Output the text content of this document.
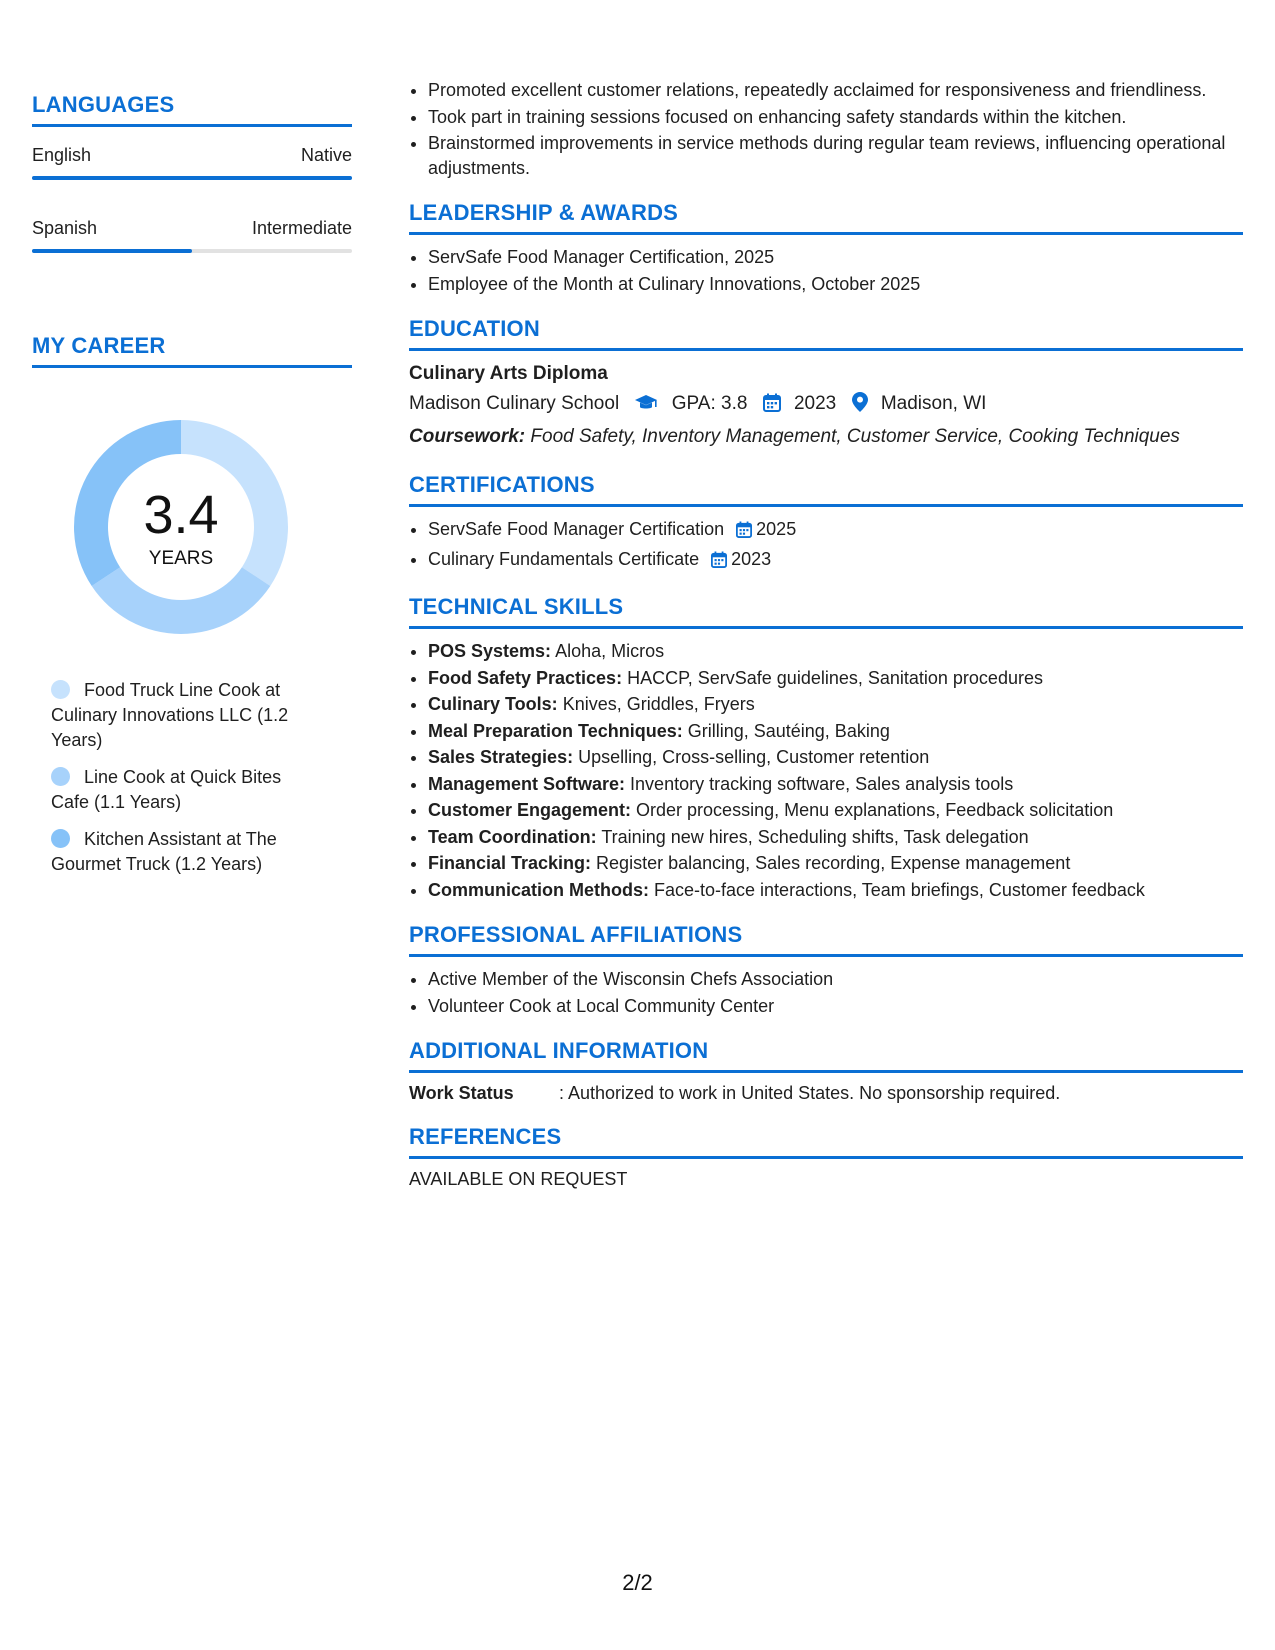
LANGUAGES
English	Native
Spanish	Intermediate
MY CAREER
3.4
YEARS
Food Truck Line Cook at Culinary Innovations LLC (1.2 Years)
Line Cook at Quick Bites Cafe (1.1 Years)
Kitchen Assistant at The Gourmet Truck (1.2 Years)
• Promoted excellent customer relations, repeatedly acclaimed for responsiveness and friendliness.
• Took part in training sessions focused on enhancing safety standards within the kitchen.
• Brainstormed improvements in service methods during regular team reviews, influencing operational adjustments.
LEADERSHIP & AWARDS
• ServSafe Food Manager Certification, 2025
• Employee of the Month at Culinary Innovations, October 2025
EDUCATION
Culinary Arts Diploma
Madison Culinary School	GPA: 3.8 2023 Madison, WI
Coursework: Food Safety, Inventory Management, Customer Service, Cooking Techniques
CERTIFICATIONS
• ServSafe Food Manager Certification 2025
• Culinary Fundamentals Certificate 2023
TECHNICAL SKILLS
• POS Systems: Aloha, Micros
• Food Safety Practices: HACCP, ServSafe guidelines, Sanitation procedures
• Culinary Tools: Knives, Griddles, Fryers
• Meal Preparation Techniques: Grilling, Sautéing, Baking
• Sales Strategies: Upselling, Cross-selling, Customer retention
• Management Software: Inventory tracking software, Sales analysis tools
• Customer Engagement: Order processing, Menu explanations, Feedback solicitation
• Team Coordination: Training new hires, Scheduling shifts, Task delegation
• Financial Tracking: Register balancing, Sales recording, Expense management
• Communication Methods: Face-to-face interactions, Team briefings, Customer feedback
PROFESSIONAL AFFILIATIONS
• Active Member of the Wisconsin Chefs Association
• Volunteer Cook at Local Community Center
ADDITIONAL INFORMATION
Work Status	: Authorized to work in United States. No sponsorship required.
REFERENCES
AVAILABLE ON REQUEST
2/2
